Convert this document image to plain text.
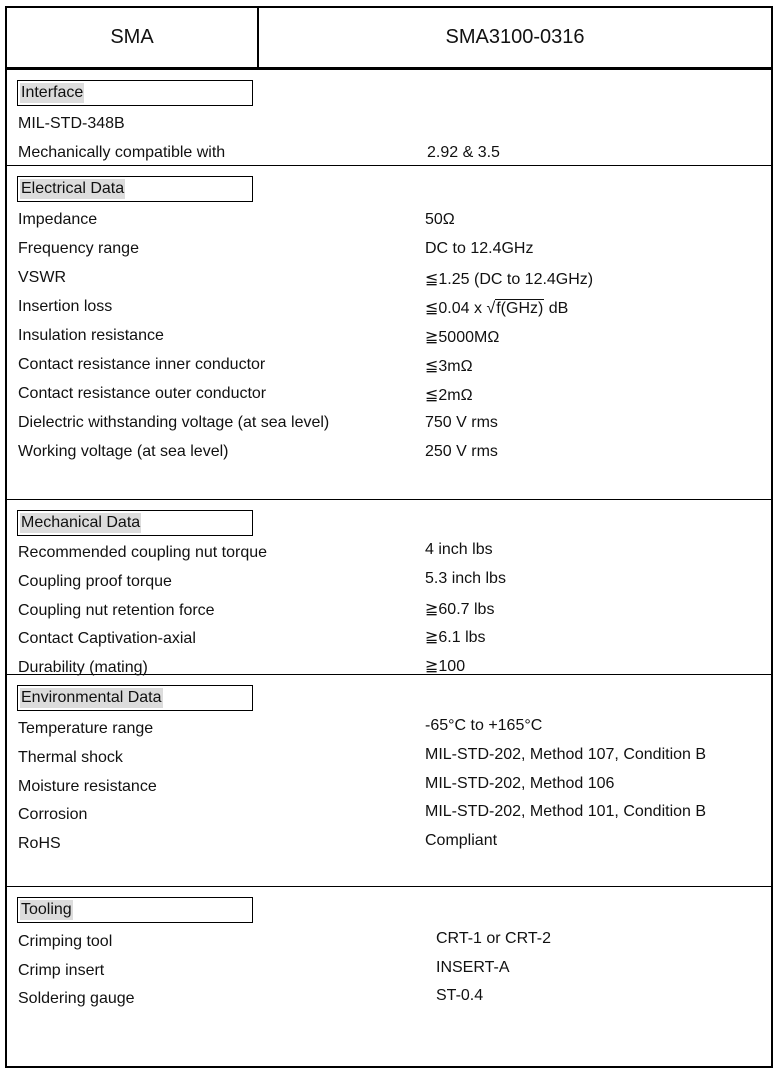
SMA	SMA3100-0316
Interface
MIL-STD-348B
Mechanically compatible with	2.92 & 3.5
Electrical Data
Impedance	50Ω
Frequency range	DC to 12.4GHz
VSWR	≦1.25 (DC to 12.4GHz)
Insertion loss	≦0.04 x √f(GHz) dB
Insulation resistance	≧5000MΩ
Contact resistance inner conductor	≦3mΩ
Contact resistance outer conductor	≦2mΩ
Dielectric withstanding voltage (at sea level)	750 V rms
Working voltage (at sea level)	250 V rms
Mechanical Data
Recommended coupling nut torque	4 inch lbs
Coupling proof torque	5.3 inch lbs
Coupling nut retention force	≧60.7 lbs
Contact Captivation-axial	≧6.1 lbs
Durability (mating)	≧100
Environmental Data
Temperature range	-65°C to +165°C
Thermal shock	MIL-STD-202, Method 107, Condition B
Moisture resistance	MIL-STD-202, Method 106
Corrosion	MIL-STD-202, Method 101, Condition B
RoHS	Compliant
Tooling
Crimping tool	CRT-1 or CRT-2
Crimp insert	INSERT-A
Soldering gauge	ST-0.4
